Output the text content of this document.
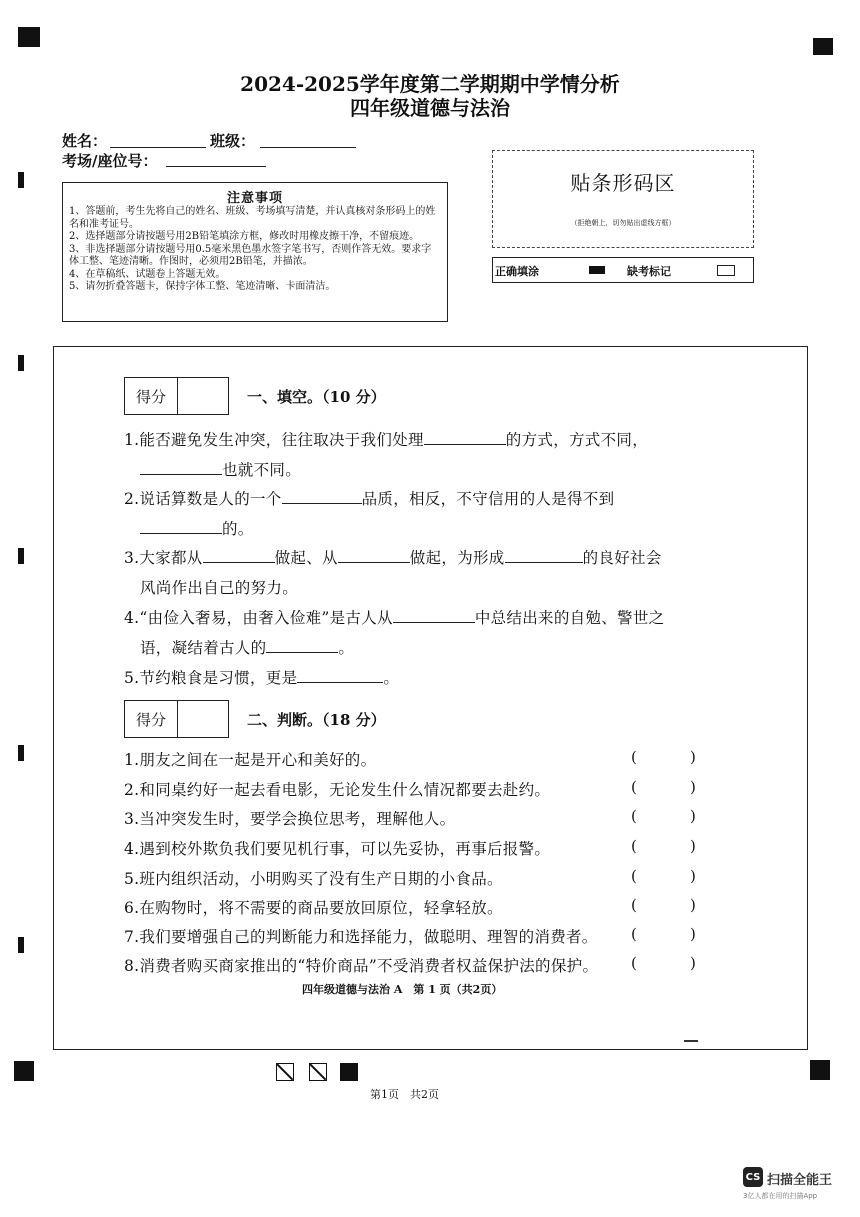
2024-2025学年度第二学期期中学情分析
四年级道德与法治
姓名：	班级：
考场/座位号：
注意事项
1、答题前，考生先将自己的姓名、班级、考场填写清楚，并认真核对条形码上的姓名和准考证号。
2、选择题部分请按题号用2B铅笔填涂方框，修改时用橡皮擦干净，不留痕迹。
3、非选择题部分请按题号用0.5毫米黑色墨水签字笔书写，否则作答无效。要求字体工整、笔迹清晰。作图时，必须用2B铅笔，并描浓。
4、在草稿纸、试题卷上答题无效。
5、请勿折叠答题卡，保持字体工整、笔迹清晰、卡面清洁。
贴条形码区
（拒绝朝上，切勿贴出虚线方框）
正确填涂	缺考标记
得分	一、填空。（10 分）
1.能否避免发生冲突，往往取决于我们处理	的方式，方式不同，
也就不同。
2.说话算数是人的一个	品质，相反，不守信用的人是得不到
的。
3.大家都从	做起、从	做起，为形成	的良好社会
风尚作出自己的努力。
4.“由俭入奢易，由奢入俭难”是古人从	中总结出来的自勉、警世之
语，凝结着古人的	。
5.节约粮食是习惯，更是	。
得分	二、判断。（18 分）
1.朋友之间在一起是开心和美好的。	(	)
2.和同桌约好一起去看电影，无论发生什么情况都要去赴约。	(	)
3.当冲突发生时，要学会换位思考，理解他人。	(	)
4.遇到校外欺负我们要见机行事，可以先妥协，再事后报警。	(	)
5.班内组织活动，小明购买了没有生产日期的小食品。	(	)
6.在购物时，将不需要的商品要放回原位，轻拿轻放。	(	)
7.我们要增强自己的判断能力和选择能力，做聪明、理智的消费者。 (	)
8.消费者购买商家推出的“特价商品”不受消费者权益保护法的保护。 (	)
四年级道德与法治 A　第 1 页（共2页）
第1页　共2页
CS 扫描全能王
3亿人都在用的扫描App
